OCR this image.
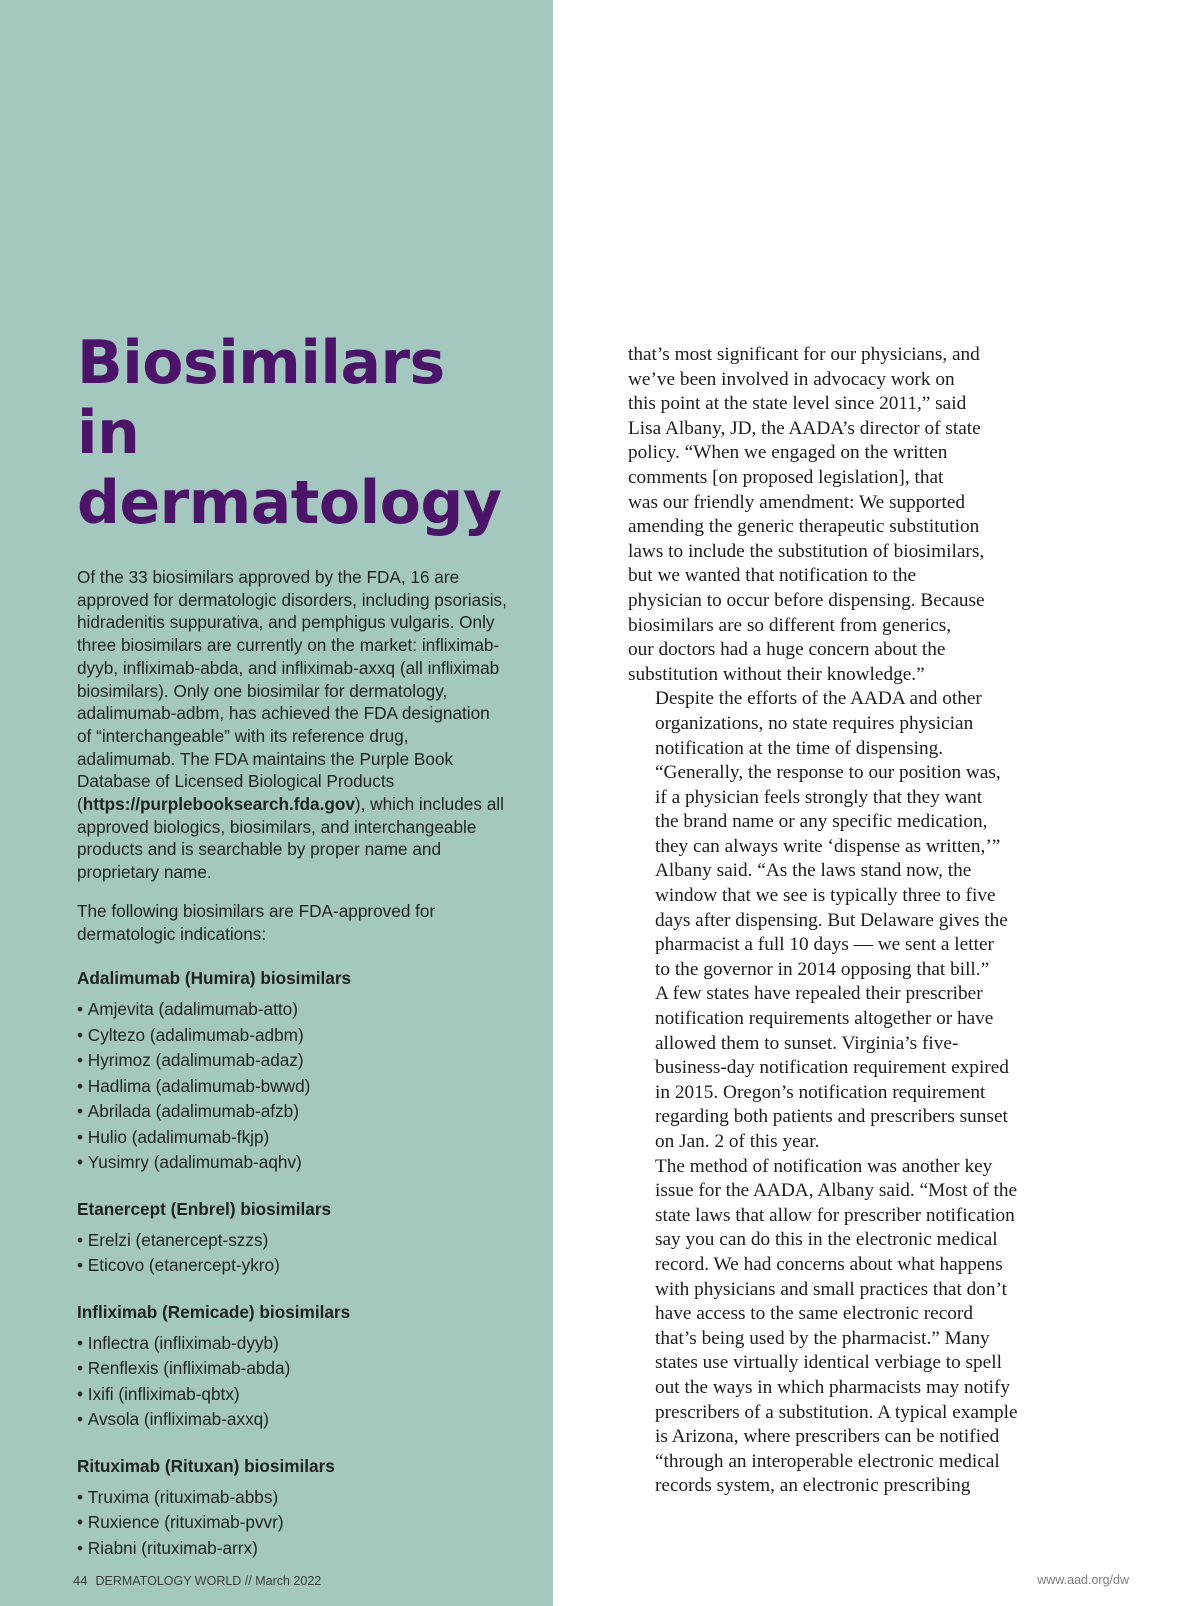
Biosimilars in
dermatology

Of the 33 biosimilars approved by the FDA, 16 are approved for dermatologic disorders, including psoriasis, hidradenitis suppurativa, and pemphigus vulgaris. Only three biosimilars are currently on the market: infliximab-dyyb, infliximab-abda, and infliximab-axxq (all infliximab biosimilars). Only one biosimilar for dermatology, adalimumab-adbm, has achieved the FDA designation of “interchangeable” with its reference drug, adalimumab. The FDA maintains the Purple Book Database of Licensed Biological Products (https://purplebooksearch.fda.gov), which includes all approved biologics, biosimilars, and interchangeable products and is searchable by proper name and proprietary name.

The following biosimilars are FDA-approved for dermatologic indications:

Adalimumab (Humira) biosimilars
• Amjevita (adalimumab-atto)
• Cyltezo (adalimumab-adbm)
• Hyrimoz (adalimumab-adaz)
• Hadlima (adalimumab-bwwd)
• Abrilada (adalimumab-afzb)
• Hulio (adalimumab-fkjp)
• Yusimry (adalimumab-aqhv)
Etanercept (Enbrel) biosimilars
• Erelzi (etanercept-szzs)
• Eticovo (etanercept-ykro)
Infliximab (Remicade) biosimilars
• Inflectra (infliximab-dyyb)
• Renflexis (infliximab-abda)
• Ixifi (infliximab-qbtx)
• Avsola (infliximab-axxq)
Rituximab (Rituxan) biosimilars
• Truxima (rituximab-abbs)
• Ruxience (rituximab-pvvr)
• Riabni (rituximab-arrx)
44 DERMATOLOGY WORLD // March 2022

that’s most significant for our physicians, and
we’ve been involved in advocacy work on
this point at the state level since 2011,” said
Lisa Albany, JD, the AADA’s director of state
policy. “When we engaged on the written
comments [on proposed legislation], that
was our friendly amendment: We supported
amending the generic therapeutic substitution
laws to include the substitution of biosimilars,
but we wanted that notification to the
physician to occur before dispensing. Because
biosimilars are so different from generics,
our doctors had a huge concern about the
substitution without their knowledge.”

Despite the efforts of the AADA and other
organizations, no state requires physician
notification at the time of dispensing.
“Generally, the response to our position was,
if a physician feels strongly that they want
the brand name or any specific medication,
they can always write ‘dispense as written,’”
Albany said. “As the laws stand now, the
window that we see is typically three to five
days after dispensing. But Delaware gives the
pharmacist a full 10 days — we sent a letter
to the governor in 2014 opposing that bill.”
A few states have repealed their prescriber
notification requirements altogether or have
allowed them to sunset. Virginia’s five-
business-day notification requirement expired
in 2015. Oregon’s notification requirement
regarding both patients and prescribers sunset
on Jan. 2 of this year.

The method of notification was another key
issue for the AADA, Albany said. “Most of the
state laws that allow for prescriber notification
say you can do this in the electronic medical
record. We had concerns about what happens
with physicians and small practices that don’t
have access to the same electronic record
that’s being used by the pharmacist.” Many
states use virtually identical verbiage to spell
out the ways in which pharmacists may notify
prescribers of a substitution. A typical example
is Arizona, where prescribers can be notified
“through an interoperable electronic medical
records system, an electronic prescribing

www.aad.org/dw
